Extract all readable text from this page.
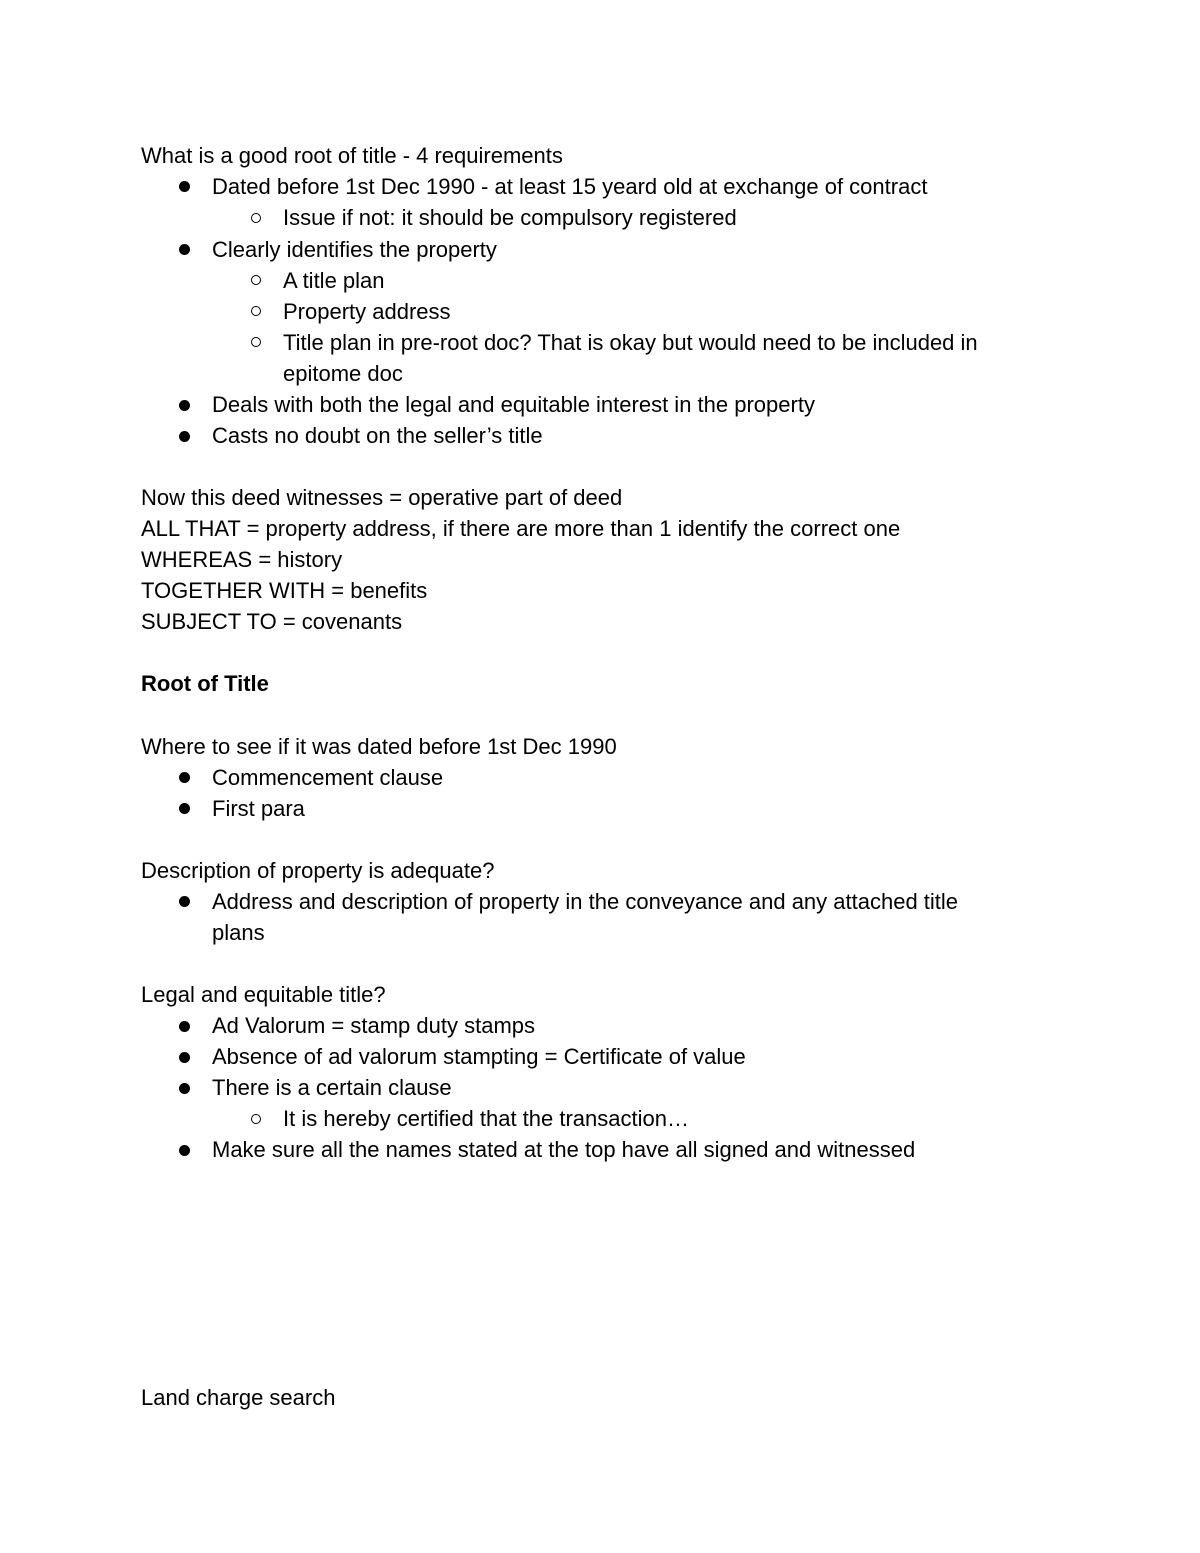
What is a good root of title - 4 requirements
Dated before 1st Dec 1990 - at least 15 yeard old at exchange of contract
Issue if not: it should be compulsory registered
Clearly identifies the property
A title plan
Property address
Title plan in pre-root doc? That is okay but would need to be included in
epitome doc
Deals with both the legal and equitable interest in the property
Casts no doubt on the seller’s title
Now this deed witnesses = operative part of deed
ALL THAT = property address, if there are more than 1 identify the correct one
WHEREAS = history
TOGETHER WITH = benefits
SUBJECT TO = covenants
Root of Title
Where to see if it was dated before 1st Dec 1990
Commencement clause
First para
Description of property is adequate?
Address and description of property in the conveyance and any attached title
plans
Legal and equitable title?
Ad Valorum = stamp duty stamps
Absence of ad valorum stampting = Certificate of value
There is a certain clause
It is hereby certified that the transaction…
Make sure all the names stated at the top have all signed and witnessed
Land charge search
